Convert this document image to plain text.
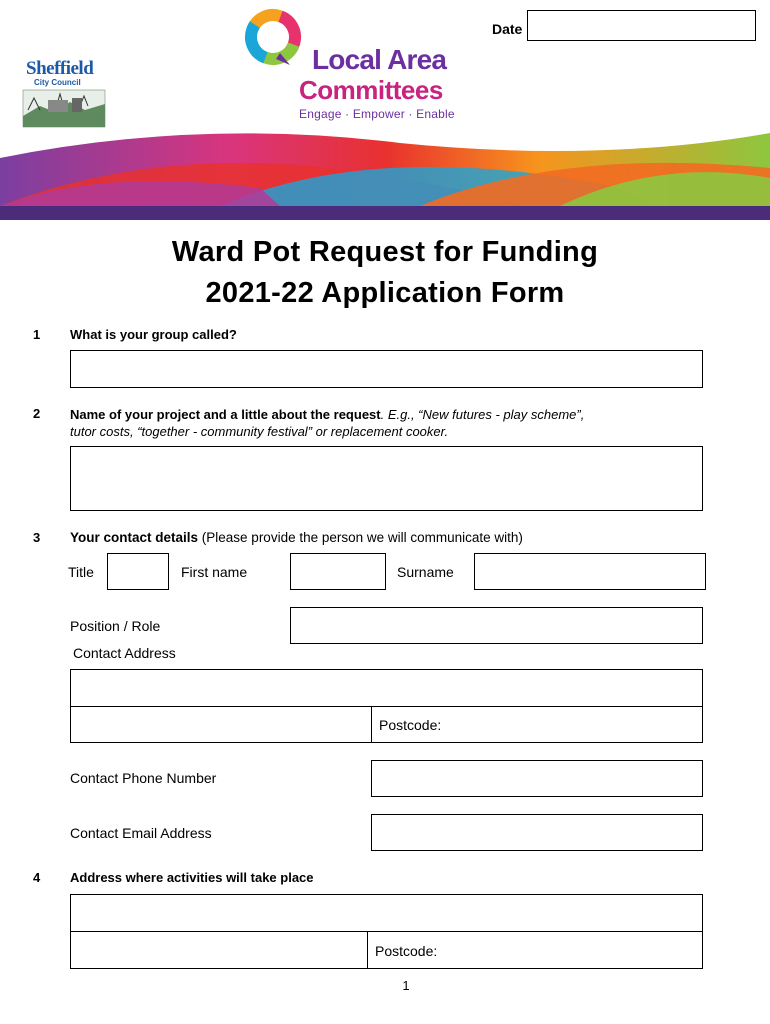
Date
Sheffield
City Council
Local Area
Committees
Engage · Empower · Enable
Ward Pot Request for Funding
2021-22 Application Form
1 What is your group called?
2 Name of your project and a little about the request. E.g., “New futures - play scheme”,
tutor costs, “together - community festival” or replacement cooker.
3 Your contact details (Please provide the person we will communicate with)
Title	First name	Surname
Position / Role
Contact Address
Postcode:
Contact Phone Number
Contact Email Address
4 Address where activities will take place
Postcode:
1
